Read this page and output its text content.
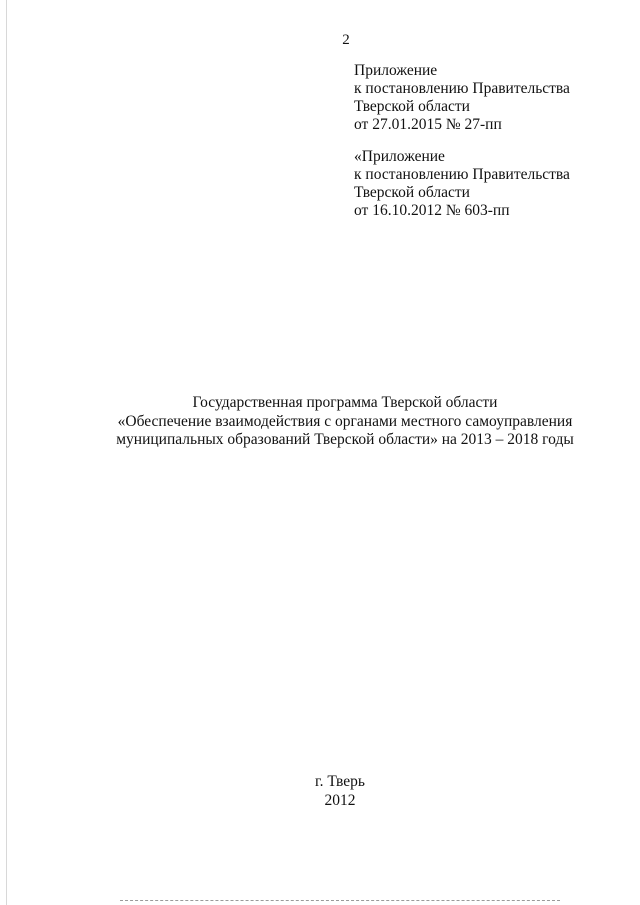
2
Приложение
к постановлению Правительства
Тверской области
от 27.01.2015 № 27-пп
«Приложение
к постановлению Правительства
Тверской области
от 16.10.2012 № 603-пп
Государственная программа Тверской области
«Обеспечение взаимодействия с органами местного самоуправления
муниципальных образований Тверской области» на 2013 – 2018 годы
г. Тверь
2012
